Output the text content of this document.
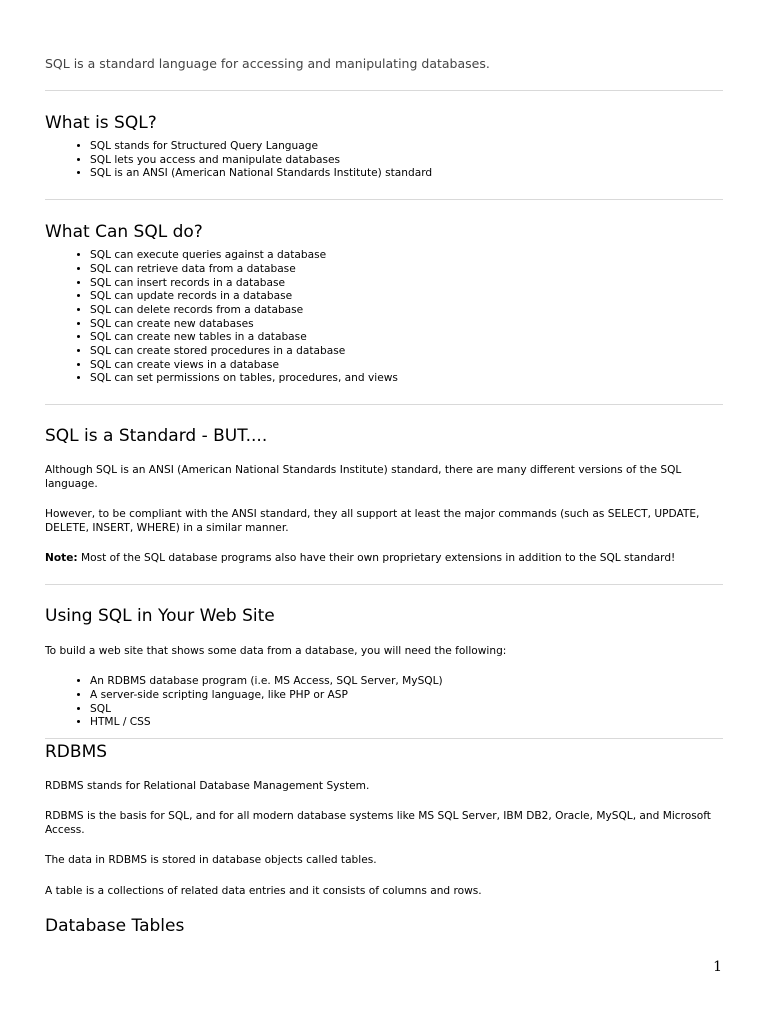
SQL is a standard language for accessing and manipulating databases.

What is SQL?
• SQL stands for Structured Query Language
• SQL lets you access and manipulate databases
• SQL is an ANSI (American National Standards Institute) standard
What Can SQL do?
• SQL can execute queries against a database
• SQL can retrieve data from a database
• SQL can insert records in a database
• SQL can update records in a database
• SQL can delete records from a database
• SQL can create new databases
• SQL can create new tables in a database
• SQL can create stored procedures in a database
• SQL can create views in a database
• SQL can set permissions on tables, procedures, and views
SQL is a Standard - BUT....

Although SQL is an ANSI (American National Standards Institute) standard, there are many different versions of the SQL language.

However, to be compliant with the ANSI standard, they all support at least the major commands (such as SELECT, UPDATE, DELETE, INSERT, WHERE) in a similar manner.

Note: Most of the SQL database programs also have their own proprietary extensions in addition to the SQL standard!

Using SQL in Your Web Site

To build a web site that shows some data from a database, you will need the following:

• An RDBMS database program (i.e. MS Access, SQL Server, MySQL)
• A server-side scripting language, like PHP or ASP
• SQL
• HTML / CSS
RDBMS

RDBMS stands for Relational Database Management System.

RDBMS is the basis for SQL, and for all modern database systems like MS SQL Server, IBM DB2, Oracle, MySQL, and Microsoft Access.

The data in RDBMS is stored in database objects called tables.

A table is a collections of related data entries and it consists of columns and rows.

Database Tables
1
